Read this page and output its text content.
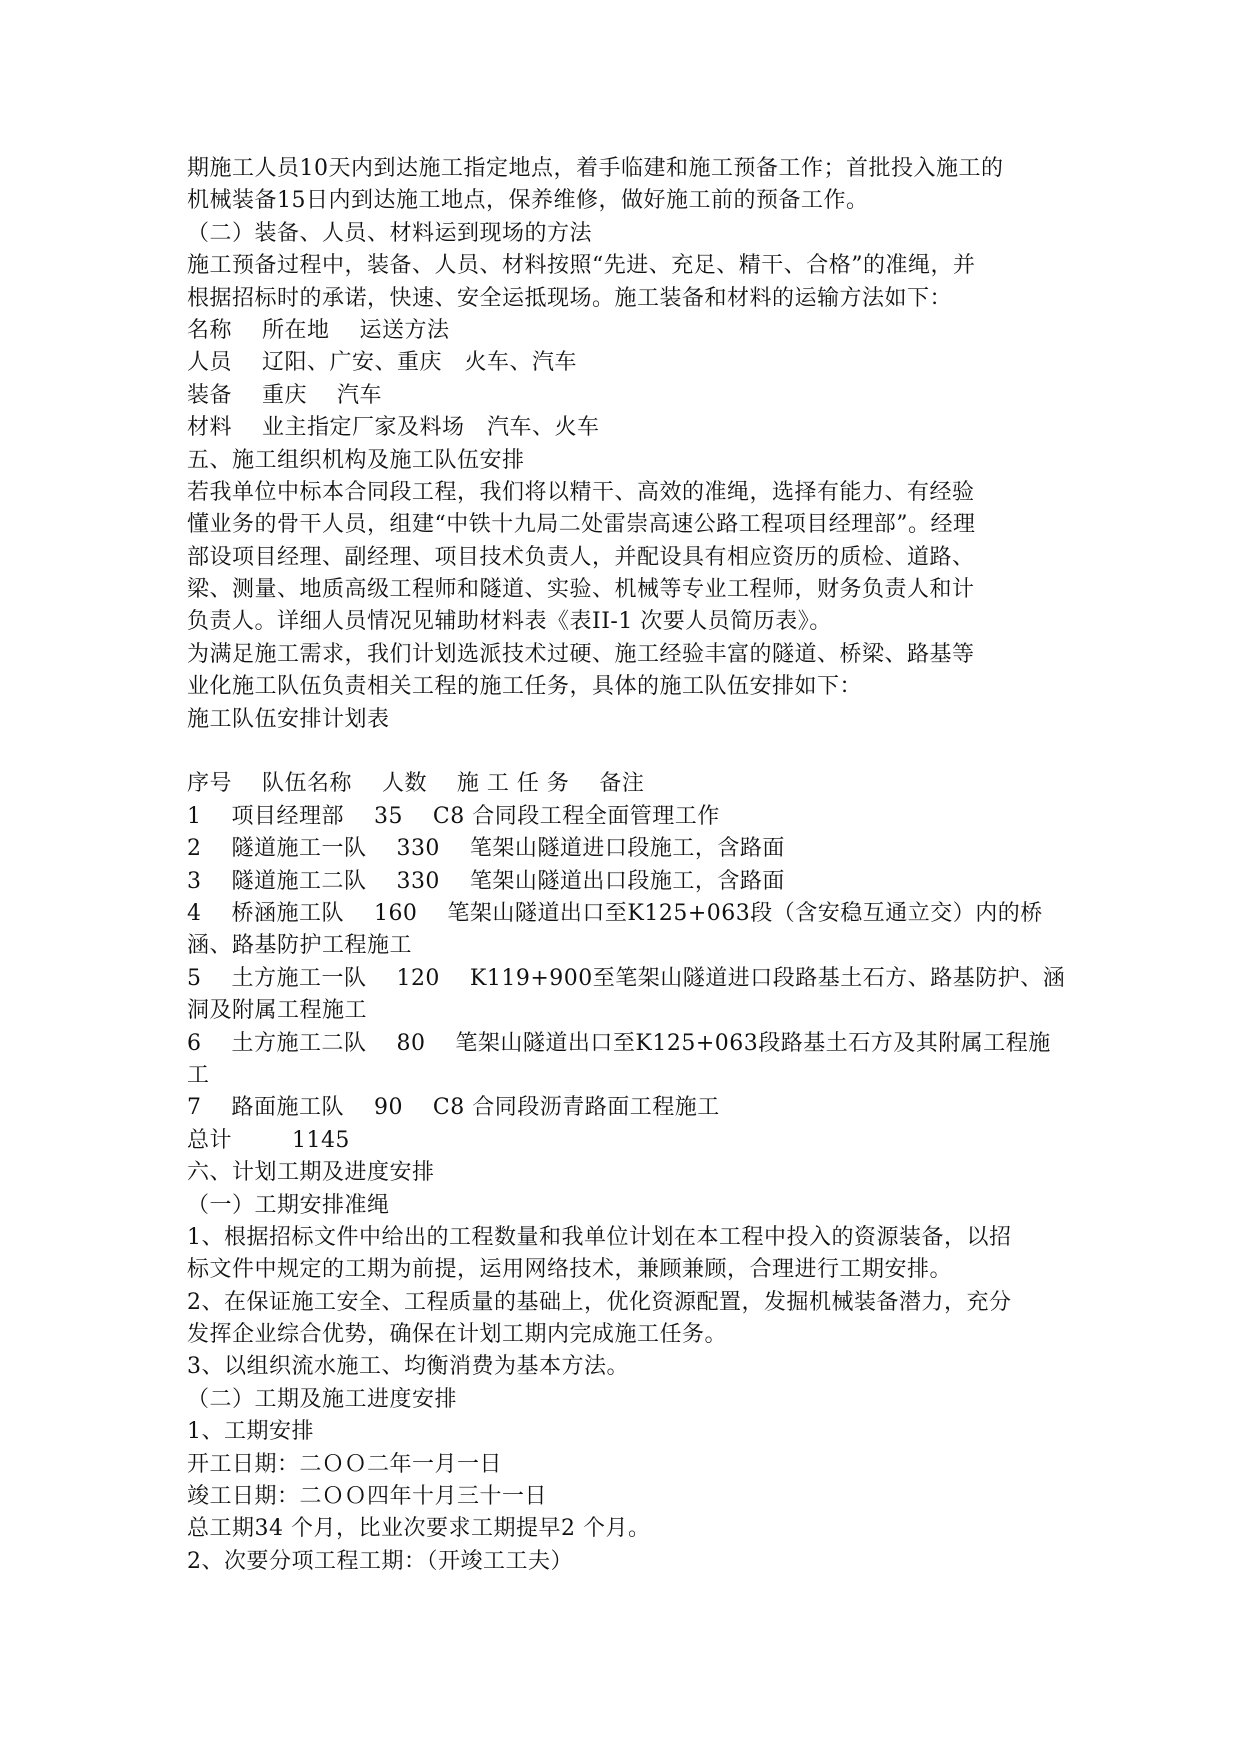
期施工人员10天内到达施工指定地点，着手临建和施工预备工作；首批投入施工的
机械装备15日内到达施工地点，保养维修，做好施工前的预备工作。
（二）装备、人员、材料运到现场的方法
施工预备过程中，装备、人员、材料按照“先进、充足、精干、合格”的准绳，并
根据招标时的承诺，快速、安全运抵现场。施工装备和材料的运输方法如下：
名称    所在地    运送方法
人员    辽阳、广安、重庆   火车、汽车
装备    重庆    汽车
材料    业主指定厂家及料场   汽车、火车
五、施工组织机构及施工队伍安排
若我单位中标本合同段工程，我们将以精干、高效的准绳，选择有能力、有经验
懂业务的骨干人员，组建“中铁十九局二处雷崇高速公路工程项目经理部”。经理
部设项目经理、副经理、项目技术负责人，并配设具有相应资历的质检、道路、
梁、测量、地质高级工程师和隧道、实验、机械等专业工程师，财务负责人和计
负责人。详细人员情况见辅助材料表《表II-1 次要人员简历表》。
为满足施工需求，我们计划选派技术过硬、施工经验丰富的隧道、桥梁、路基等
业化施工队伍负责相关工程的施工任务，具体的施工队伍安排如下：
施工队伍安排计划表
序号    队伍名称    人数    施 工 任 务    备注
1    项目经理部    35    C8 合同段工程全面管理工作
2    隧道施工一队    330    笔架山隧道进口段施工，含路面
3    隧道施工二队    330    笔架山隧道出口段施工，含路面
4    桥涵施工队    160    笔架山隧道出口至K125+063段（含安稳互通立交）内的桥
涵、路基防护工程施工
5    土方施工一队    120    K119+900至笔架山隧道进口段路基土石方、路基防护、涵
洞及附属工程施工
6    土方施工二队    80    笔架山隧道出口至K125+063段路基土石方及其附属工程施
工
7    路面施工队    90    C8 合同段沥青路面工程施工
总计        1145
六、计划工期及进度安排
（一）工期安排准绳
1、根据招标文件中给出的工程数量和我单位计划在本工程中投入的资源装备，以招
标文件中规定的工期为前提，运用网络技术，兼顾兼顾，合理进行工期安排。
2、在保证施工安全、工程质量的基础上，优化资源配置，发掘机械装备潜力，充分
发挥企业综合优势，确保在计划工期内完成施工任务。
3、以组织流水施工、均衡消费为基本方法。
（二）工期及施工进度安排
1、工期安排
开工日期：二ＯＯ二年一月一日
竣工日期：二ＯＯ四年十月三十一日
总工期34 个月，比业次要求工期提早2 个月。
2、次要分项工程工期：（开竣工工夫）
